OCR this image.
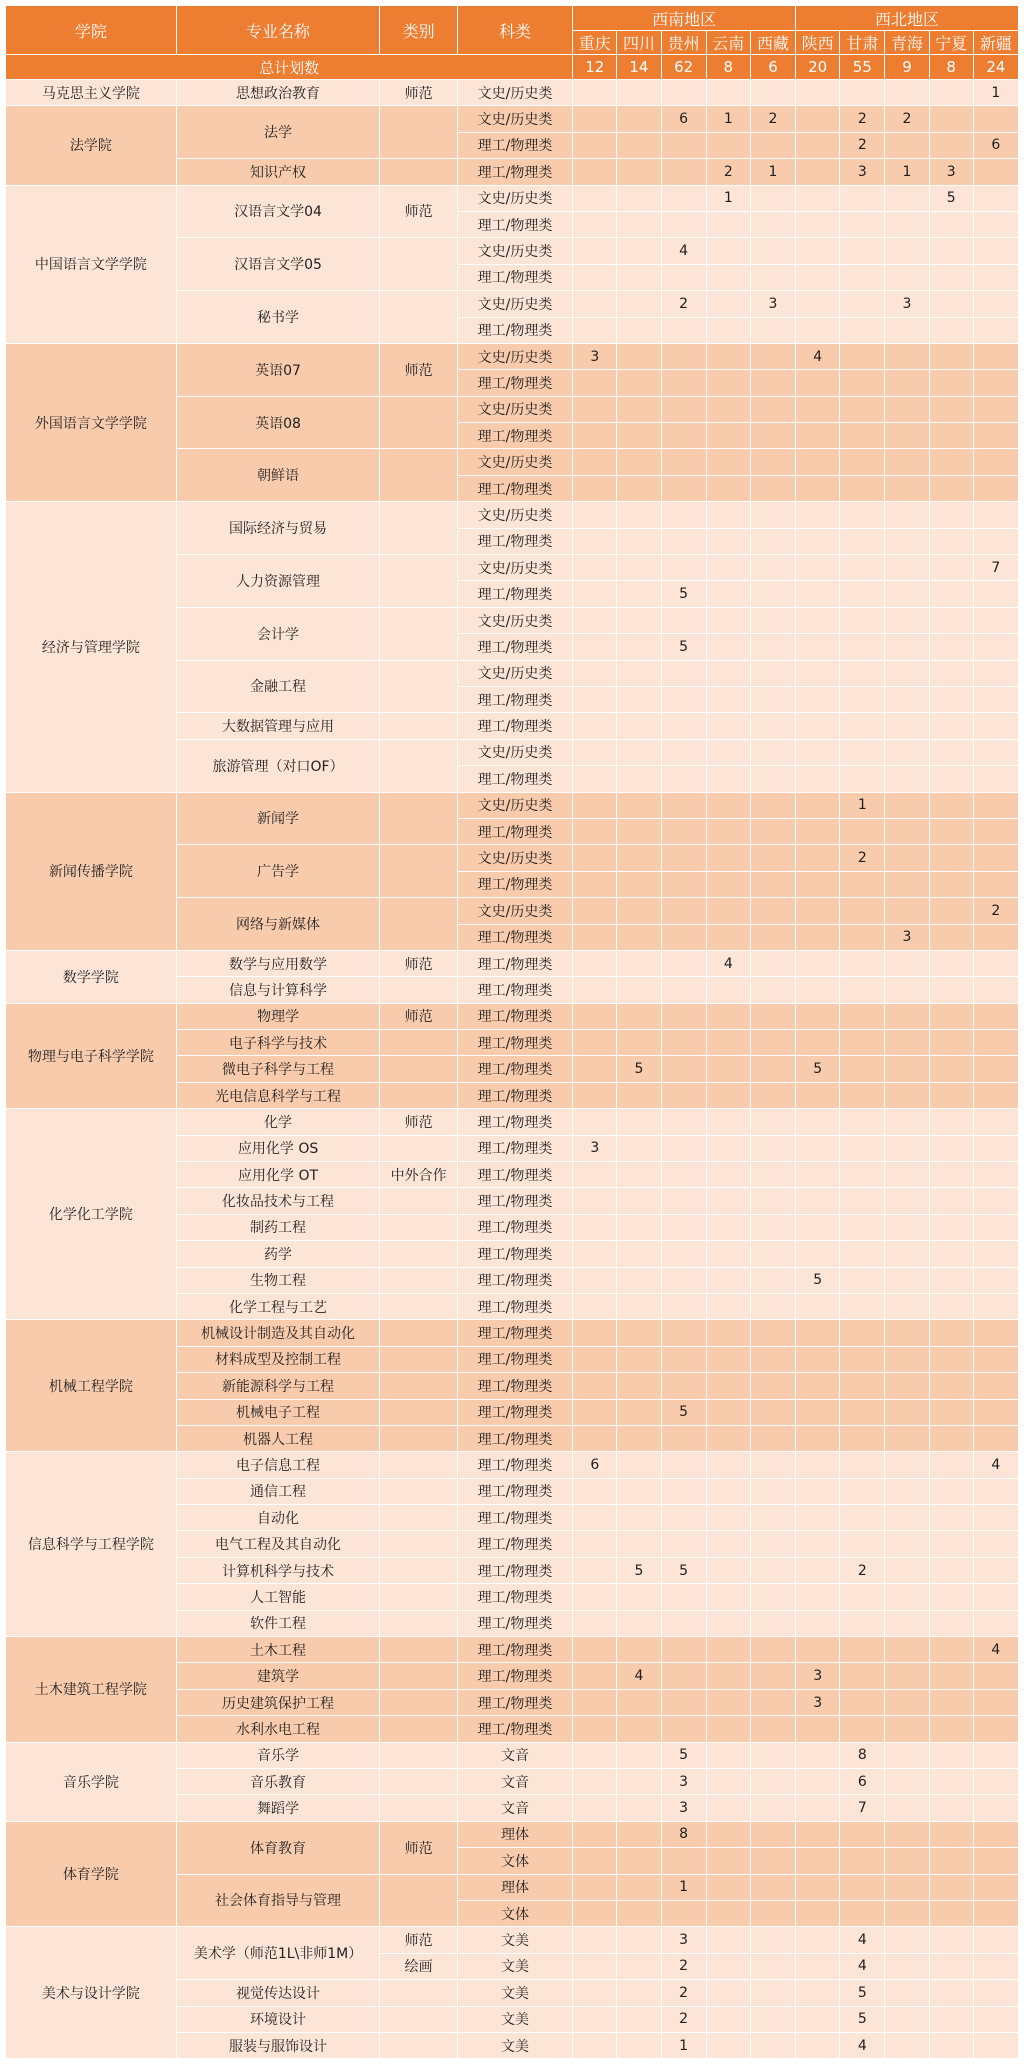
学院	专业名称	类别	科类	西南地区					西北地区				
				重庆	四川	贵州	云南	西藏	陕西	甘肃	青海	宁夏	新疆
总计划数				12	14	62	8	6	20	55	9	8	24
马克思主义学院	思想政治教育	师范	文史/历史类										1
法学院	法学		文史/历史类			6	1	2		2	2		
			理工/物理类							2			6
	知识产权		理工/物理类				2	1		3	1	3	
中国语言文学学院	汉语言文学04	师范	文史/历史类				1					5	
			理工/物理类										
	汉语言文学05		文史/历史类			4							
			理工/物理类										
	秘书学		文史/历史类			2		3			3		
			理工/物理类										
外国语言文学学院	英语07	师范	文史/历史类	3					4				
			理工/物理类										
	英语08		文史/历史类										
			理工/物理类										
	朝鲜语		文史/历史类										
			理工/物理类										
经济与管理学院	国际经济与贸易		文史/历史类										
			理工/物理类										
	人力资源管理		文史/历史类										7
			理工/物理类			5							
	会计学		文史/历史类										
			理工/物理类			5							
	金融工程		文史/历史类										
			理工/物理类										
	大数据管理与应用		理工/物理类										
	旅游管理（对口OF）		文史/历史类										
			理工/物理类										
新闻传播学院	新闻学		文史/历史类							1			
			理工/物理类										
	广告学		文史/历史类							2			
			理工/物理类										
	网络与新媒体		文史/历史类										2
			理工/物理类								3		
数学学院	数学与应用数学	师范	理工/物理类				4						
	信息与计算科学		理工/物理类										
物理与电子科学学院	物理学	师范	理工/物理类										
	电子科学与技术		理工/物理类										
	微电子科学与工程		理工/物理类		5				5				
	光电信息科学与工程		理工/物理类										
化学化工学院	化学	师范	理工/物理类										
	应用化学 OS		理工/物理类	3									
	应用化学 OT	中外合作	理工/物理类										
	化妆品技术与工程		理工/物理类										
	制药工程		理工/物理类										
	药学		理工/物理类										
	生物工程		理工/物理类						5				
	化学工程与工艺		理工/物理类										
机械工程学院	机械设计制造及其自动化		理工/物理类										
	材料成型及控制工程		理工/物理类										
	新能源科学与工程		理工/物理类										
	机械电子工程		理工/物理类			5							
	机器人工程		理工/物理类										
信息科学与工程学院	电子信息工程		理工/物理类	6									4
	通信工程		理工/物理类										
	自动化		理工/物理类										
	电气工程及其自动化		理工/物理类										
	计算机科学与技术		理工/物理类		5	5				2			
	人工智能		理工/物理类										
	软件工程		理工/物理类										
土木建筑工程学院	土木工程		理工/物理类										4
	建筑学		理工/物理类		4				3				
	历史建筑保护工程		理工/物理类						3				
	水利水电工程		理工/物理类										
音乐学院	音乐学		文音			5				8			
	音乐教育		文音			3				6			
	舞蹈学		文音			3				7			
体育学院	体育教育	师范	理体			8							
			文体										
	社会体育指导与管理		理体			1							
			文体										
美术与设计学院	美术学（师范1L\非师1M）	师范	文美			3				4			
		绘画	文美			2				4			
	视觉传达设计		文美			2				5			
	环境设计		文美			2				5			
	服装与服饰设计		文美			1				4			
